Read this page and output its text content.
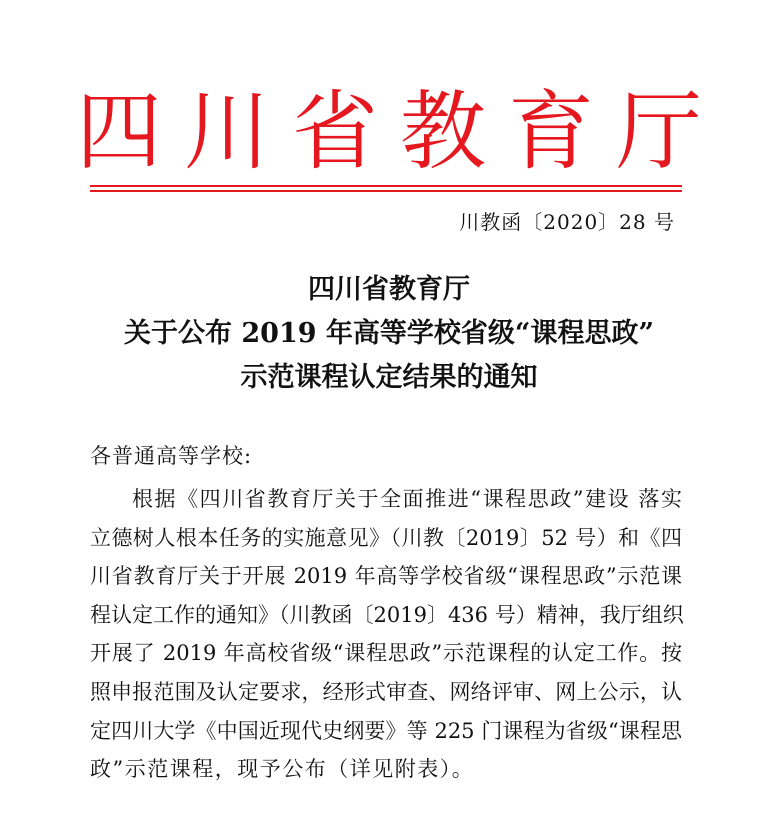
四川省教育厅
川教函〔2020〕28 号
四川省教育厅
关于公布 2019 年高等学校省级“课程思政”
示范课程认定结果的通知
各普通高等学校:
根据《四川省教育厅关于全面推进“课程思政”建设 落实
立德树人根本任务的实施意见》（川教〔2019〕52 号）和《四
川省教育厅关于开展 2019 年高等学校省级“课程思政”示范课
程认定工作的通知》（川教函〔2019〕436 号）精神，我厅组织
开展了 2019 年高校省级“课程思政”示范课程的认定工作。按
照申报范围及认定要求，经形式审查、网络评审、网上公示，认
定四川大学《中国近现代史纲要》等 225 门课程为省级“课程思
政”示范课程，现予公布（详见附表）。
